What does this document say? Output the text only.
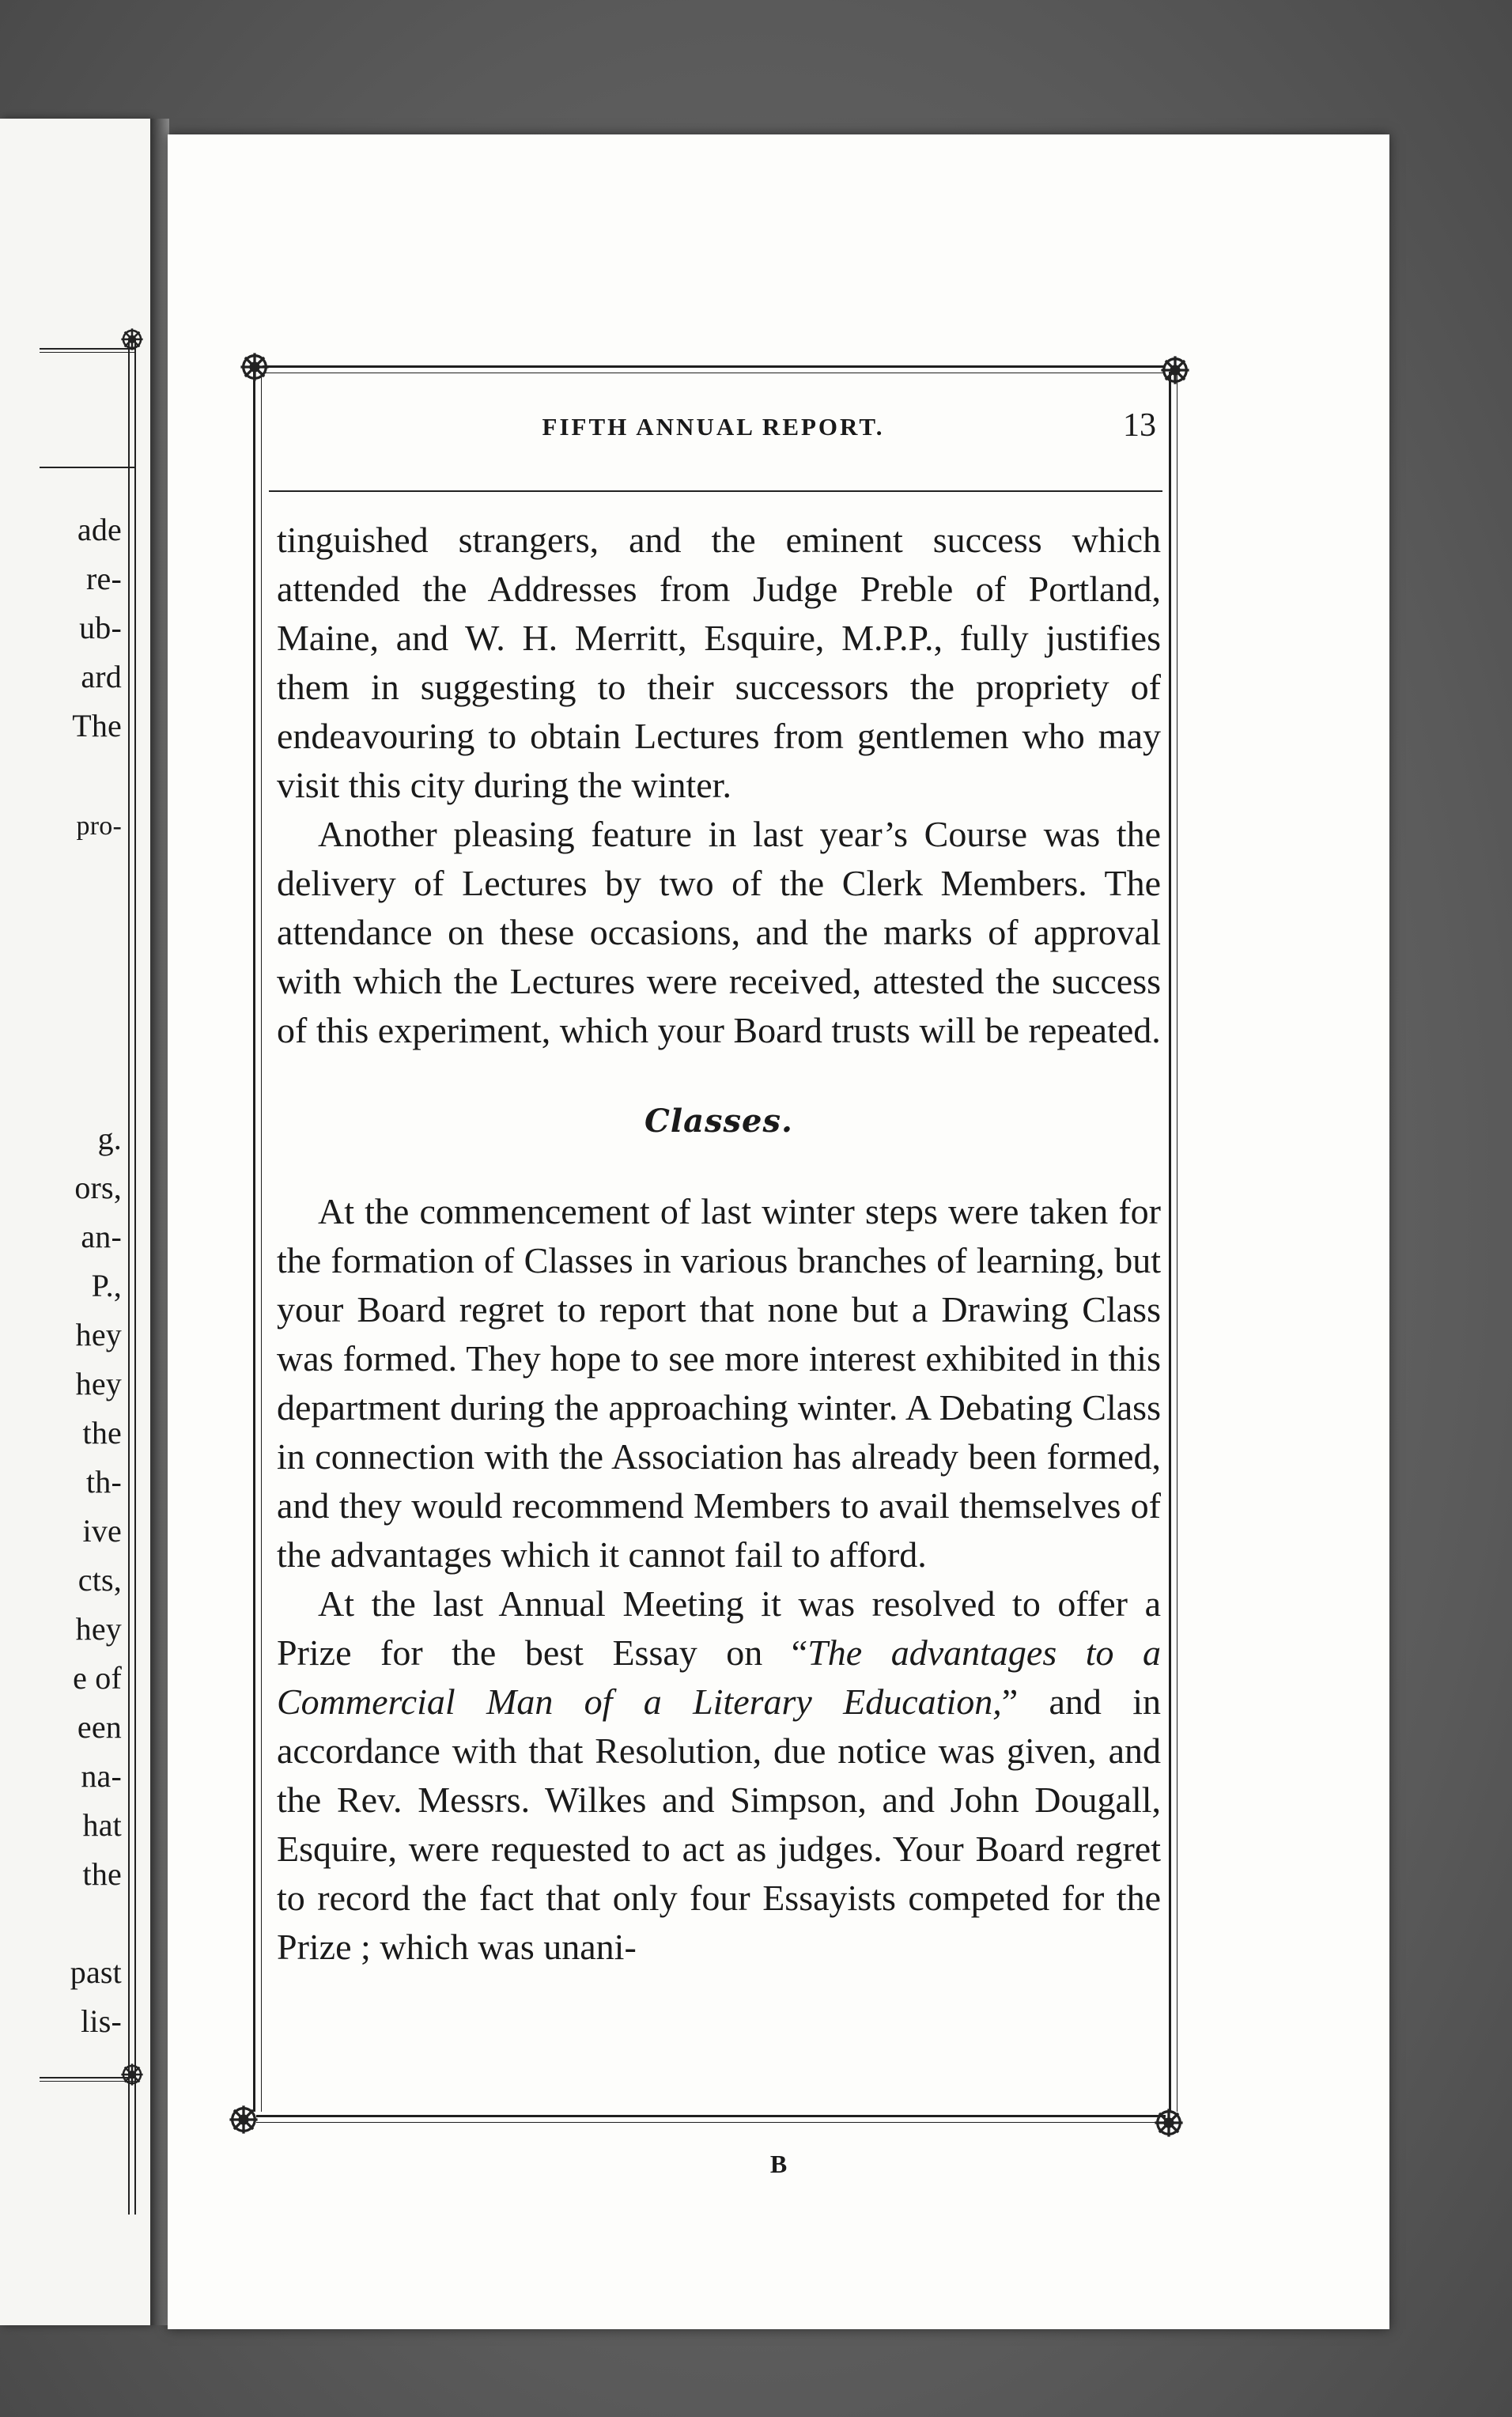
ade
re-
ub-
ard
The
pro-
g.
ors,
an-
P.,
hey
hey
the
th-
ive
cts,
hey
e of
een
na-
hat
the
past
lis-
FIFTH ANNUAL REPORT.	13

tinguished strangers, and the eminent success which attended the Addresses from Judge Preble of Portland, Maine, and W. H. Merritt, Esquire, M.P.P., fully justifies them in suggesting to their successors the propriety of endeavouring to obtain Lectures from gentlemen who may visit this city during the winter.

Another pleasing feature in last year’s Course was the delivery of Lectures by two of the Clerk Members. The attendance on these occasions, and the marks of approval with which the Lectures were received, attested the success of this experiment, which your Board trusts will be repeated.

Classes.

At the commencement of last winter steps were taken for the formation of Classes in various branches of learning, but your Board regret to report that none but a Drawing Class was formed. They hope to see more interest exhibited in this department during the approaching winter. A Debating Class in connection with the Association has already been formed, and they would recommend Members to avail themselves of the advantages which it cannot fail to afford.

At the last Annual Meeting it was resolved to offer a Prize for the best Essay on “The advantages to a Commercial Man of a Literary Education,” and in accordance with that Resolution, due notice was given, and the Rev. Messrs. Wilkes and Simpson, and John Dougall, Esquire, were requested to act as judges. Your Board regret to record the fact that only four Essayists competed for the Prize ; which was unani-

B
